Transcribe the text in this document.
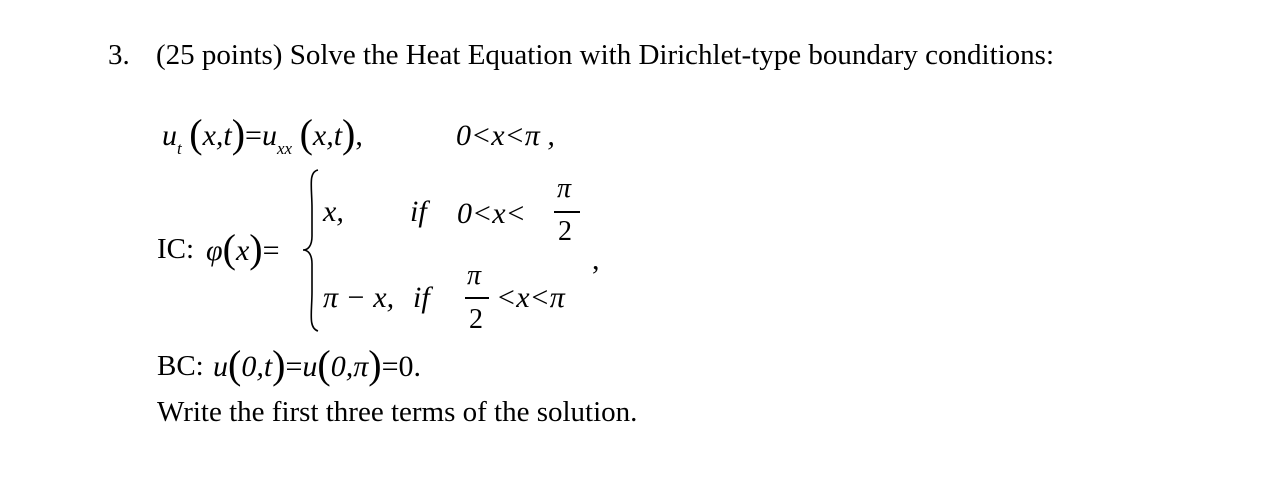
3. (25 points) Solve the Heat Equation with Dirichlet-type boundary conditions:
$u_t$ $(x,t)=u_{xx}$ (x,t),	0<x<π ,
IC: φ(x)=
x, if 0<x<
π
2
,
π − x, if
π
2
<x<π
BC: u(0,t)=u(0,π)=0.
Write the first three terms of the solution.
